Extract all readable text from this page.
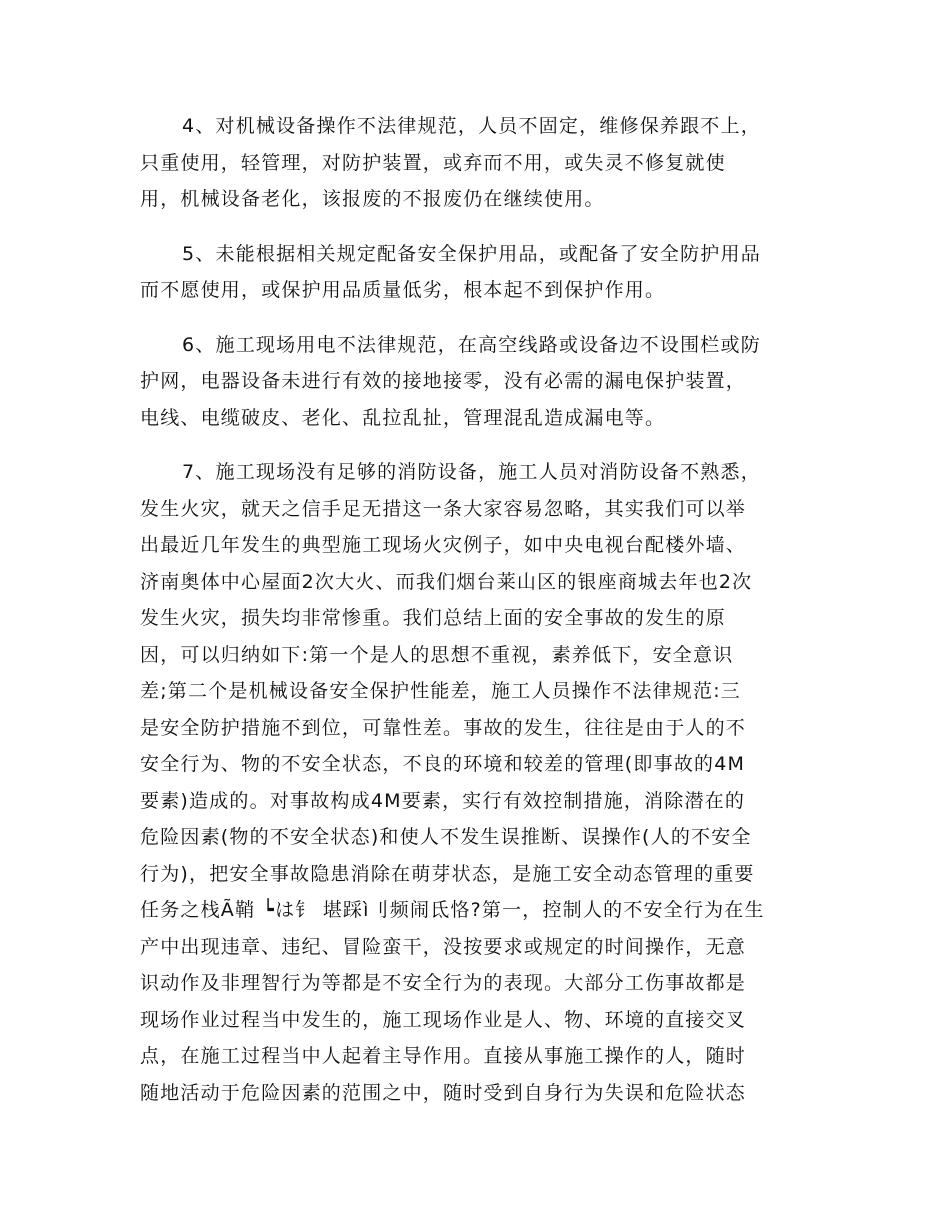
4、对机械设备操作不法律规范，人员不固定，维修保养跟不上，
只重使用，轻管理，对防护装置，或弃而不用，或失灵不修复就使
用，机械设备老化，该报废的不报废仍在继续使用。

5、未能根据相关规定配备安全保护用品，或配备了安全防护用品
而不愿使用，或保护用品质量低劣，根本起不到保护作用。

6、施工现场用电不法律规范，在高空线路或设备边不设围栏或防
护网，电器设备未进行有效的接地接零，没有必需的漏电保护装置，
电线、电缆破皮、老化、乱拉乱扯，管理混乱造成漏电等。

7、施工现场没有足够的消防设备，施工人员对消防设备不熟悉，
发生火灾，就天之信手足无措这一条大家容易忽略，其实我们可以举
出最近几年发生的典型施工现场火灾例子，如中央电视台配楼外墙、
济南奥体中心屋面2次大火、而我们烟台莱山区的银座商城去年也2次
发生火灾，损失均非常惨重。我们总结上面的安全事故的发生的原
因，可以归纳如下:第一个是人的思想不重视，素养低下，安全意识
差;第二个是机械设备安全保护性能差，施工人员操作不法律规范:三
是安全防护措施不到位，可靠性差。事故的发生，往往是由于人的不
安全行为、物的不安全状态，不良的环境和较差的管理(即事故的4M
要素)造成的。对事故构成4M要素，实行有效控制措施，消除潜在的
危险因素(物的不安全状态)和使人不发生误推断、误操作(人的不安全
行为)，把安全事故隐患消除在萌芽状态，是施工安全动态管理的重要
任务之栈Ã鞘 ┕は钅 堪踩ì刂频闹氐恪?第一，控制人的不安全行为在生
产中出现违章、违纪、冒险蛮干，没按要求或规定的时间操作，无意
识动作及非理智行为等都是不安全行为的表现。大部分工伤事故都是
现场作业过程当中发生的，施工现场作业是人、物、环境的直接交叉
点，在施工过程当中人起着主导作用。直接从事施工操作的人，随时
随地活动于危险因素的范围之中，随时受到自身行为失误和危险状态
